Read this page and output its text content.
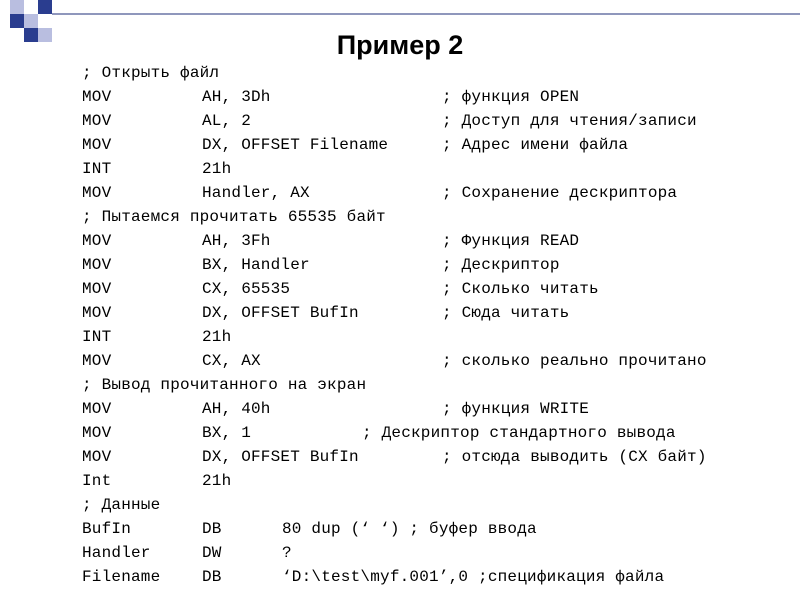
Пример 2
; Открыть файл
MOV	AH, 3Dh	; функция OPEN
MOV	AL, 2	; Доступ для чтения/записи
MOV	DX, OFFSET Filename	; Адрес имени файла
INT	21h
MOV	Handler, AX	; Сохранение дескриптора
; Пытаемся прочитать 65535 байт
MOV	AH, 3Fh	; Функция READ
MOV	BX, Handler	; Дескриптор
MOV	CX, 65535	; Сколько читать
MOV	DX, OFFSET BufIn	; Сюда читать
INT	21h
MOV	CX, AX	; сколько реально прочитано
; Вывод прочитанного на экран
MOV	AH, 40h	; функция WRITE
MOV	BX, 1	; Дескриптор стандартного вывода
MOV	DX, OFFSET BufIn	; отсюда выводить (CX байт)
Int	21h
; Данные
BufIn	DB	80 dup (‘ ‘) ; буфер ввода
Handler	DW	?
Filename	DB	‘D:\test\myf.001’,0 ;спецификация файла
